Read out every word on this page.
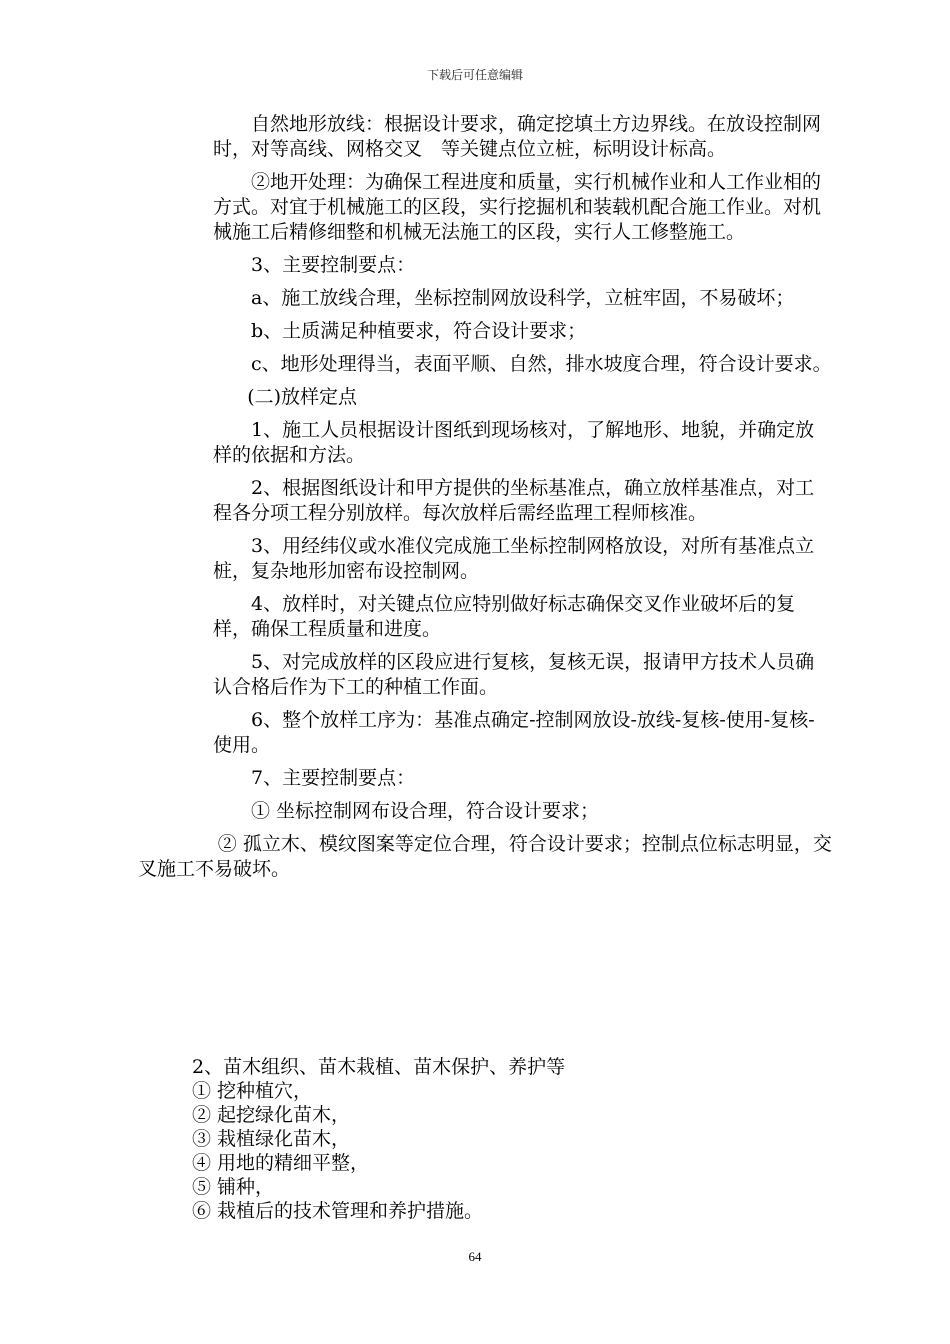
下载后可任意编辑

自然地形放线：根据设计要求，确定挖填土方边界线。在放设控制网时，对等高线、网格交叉　等关键点位立桩，标明设计标高。

②地开处理：为确保工程进度和质量，实行机械作业和人工作业相的方式。对宜于机械施工的区段，实行挖掘机和装载机配合施工作业。对机械施工后精修细整和机械无法施工的区段，实行人工修整施工。

3、主要控制要点：

a、施工放线合理，坐标控制网放设科学，立桩牢固，不易破坏；

b、土质满足种植要求，符合设计要求；

c、地形处理得当，表面平顺、自然，排水坡度合理，符合设计要求。

(二)放样定点

1、施工人员根据设计图纸到现场核对，了解地形、地貌，并确定放样的依据和方法。

2、根据图纸设计和甲方提供的坐标基准点，确立放样基准点，对工程各分项工程分别放样。每次放样后需经监理工程师核准。

3、用经纬仪或水准仪完成施工坐标控制网格放设，对所有基准点立桩，复杂地形加密布设控制网。

4、放样时，对关键点位应特别做好标志确保交叉作业破坏后的复样，确保工程质量和进度。

5、对完成放样的区段应进行复核，复核无误，报请甲方技术人员确认合格后作为下工的种植工作面。

6、整个放样工序为：基准点确定-控制网放设-放线-复核-使用-复核-使用。

7、主要控制要点：

① 坐标控制网布设合理，符合设计要求；

② 孤立木、模纹图案等定位合理，符合设计要求；控制点位标志明显，交叉施工不易破坏。

2、苗木组织、苗木栽植、苗木保护、养护等
① 挖种植穴，
② 起挖绿化苗木，
③ 栽植绿化苗木，
④ 用地的精细平整，
⑤ 铺种，
⑥ 栽植后的技术管理和养护措施。
64
